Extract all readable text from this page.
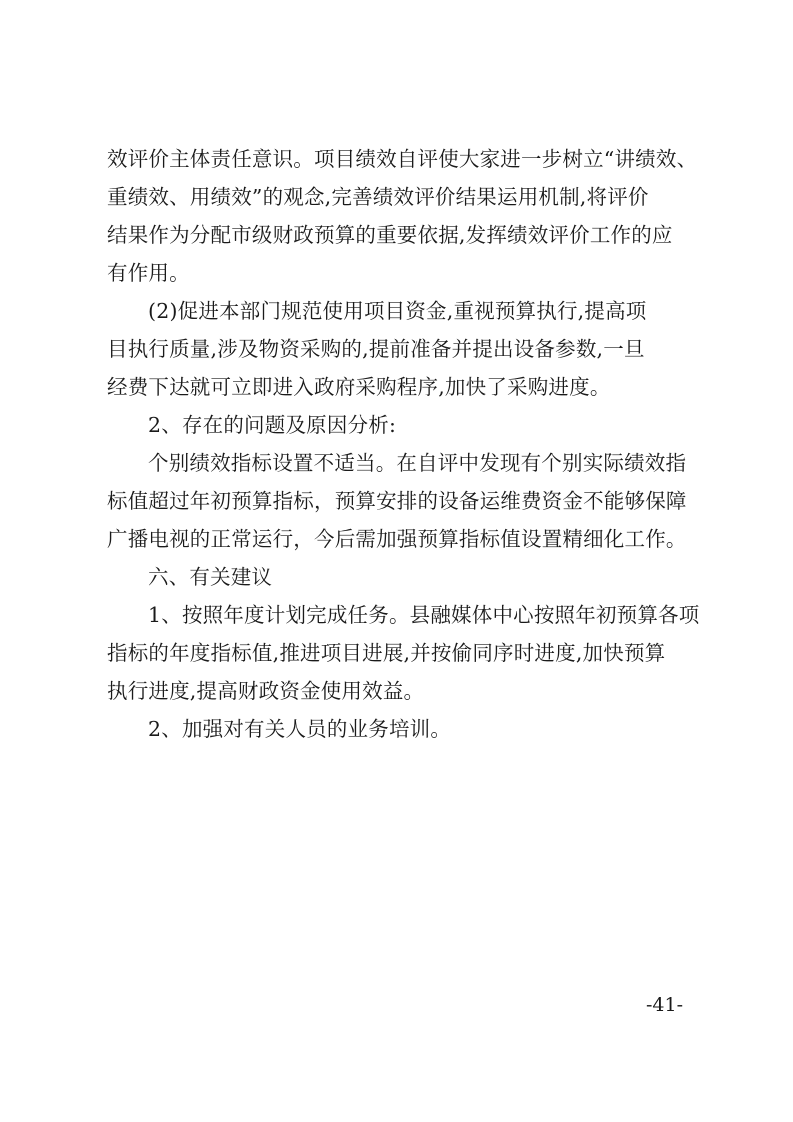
效评价主体责任意识。项目绩效自评使大家进一步树立“讲绩效、
重绩效、用绩效”的观念,完善绩效评价结果运用机制,将评价
结果作为分配市级财政预算的重要依据,发挥绩效评价工作的应
有作用。
(2)促进本部门规范使用项目资金,重视预算执行,提高项
目执行质量,涉及物资采购的,提前准备并提出设备参数,一旦
经费下达就可立即进入政府采购程序,加快了采购进度。
2、存在的问题及原因分析:
个别绩效指标设置不适当。在自评中发现有个别实际绩效指
标值超过年初预算指标，预算安排的设备运维费资金不能够保障
广播电视的正常运行，今后需加强预算指标值设置精细化工作。
六、有关建议
1、按照年度计划完成任务。县融媒体中心按照年初预算各项
指标的年度指标值,推进项目进展,并按偷同序时进度,加快预算
执行进度,提高财政资金使用效益。
2、加强对有关人员的业务培训。
-41-
